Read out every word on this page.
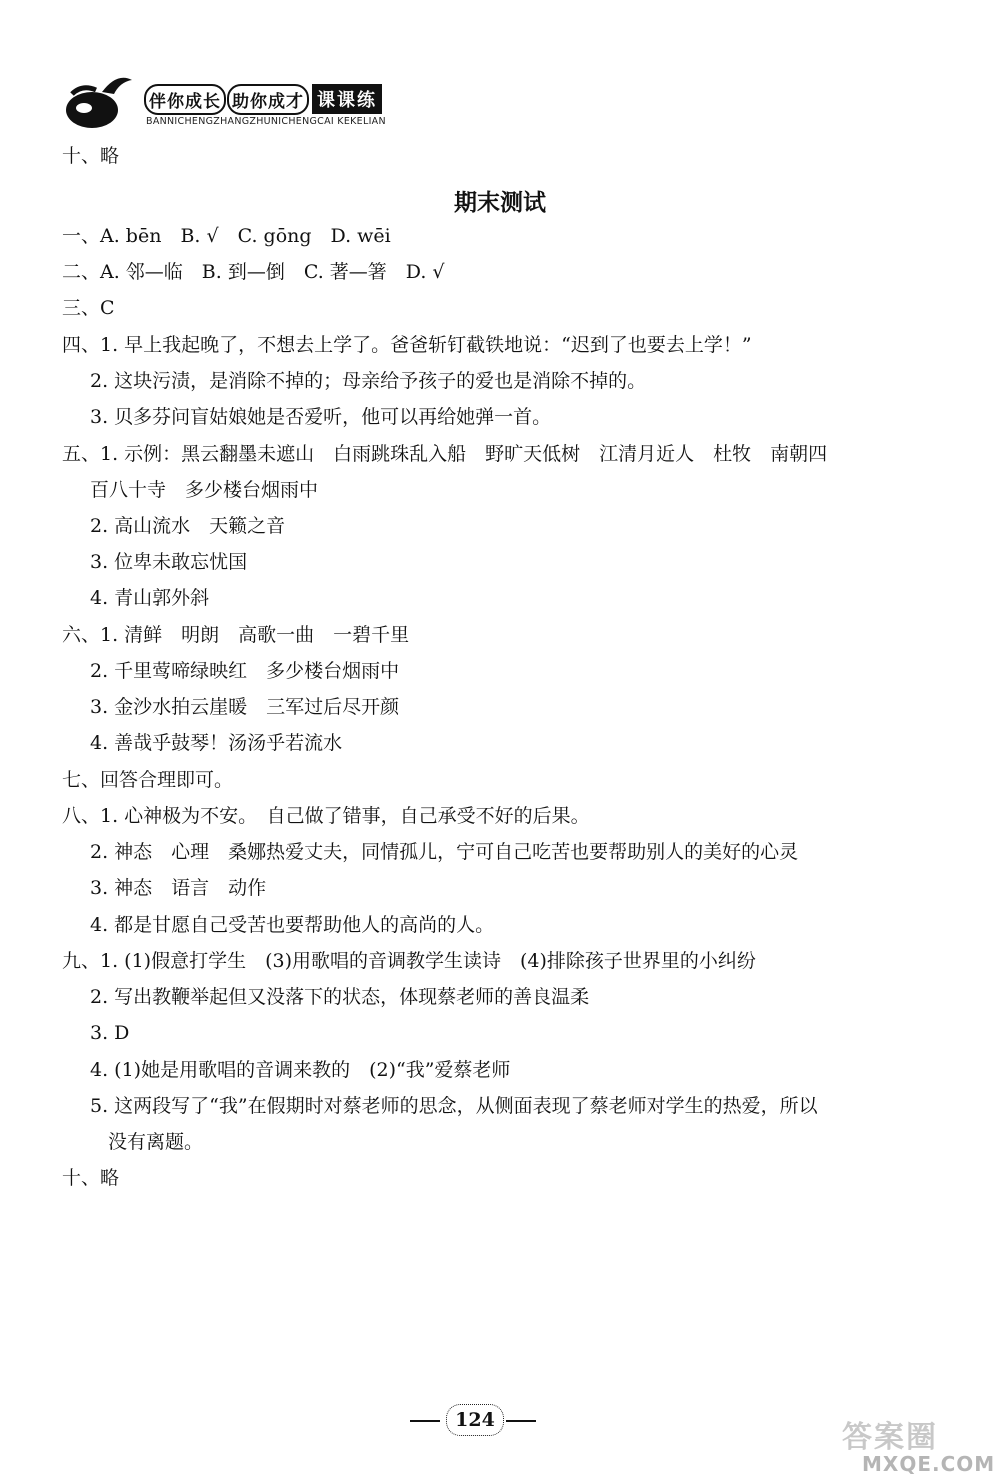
伴你成长 助你成才 课课练
BANNICHENGZHANGZHUNICHENGCAI KEKELIAN
十、略
期末测试
一、A. bēn　B. √　C. gōng　D. wēi
二、A. 邻—临　B. 到—倒　C. 著—箸　D. √
三、C
四、1. 早上我起晚了，不想去上学了。爸爸斩钉截铁地说：“迟到了也要去上学！”
2. 这块污渍，是消除不掉的；母亲给予孩子的爱也是消除不掉的。
3. 贝多芬问盲姑娘她是否爱听，他可以再给她弹一首。
五、1. 示例：黑云翻墨未遮山　白雨跳珠乱入船　野旷天低树　江清月近人　杜牧　南朝四
百八十寺　多少楼台烟雨中
2. 高山流水　天籁之音
3. 位卑未敢忘忧国
4. 青山郭外斜
六、1. 清鲜　明朗　高歌一曲　一碧千里
2. 千里莺啼绿映红　多少楼台烟雨中
3. 金沙水拍云崖暖　三军过后尽开颜
4. 善哉乎鼓琴！汤汤乎若流水
七、回答合理即可。
八、1. 心神极为不安。　自己做了错事，自己承受不好的后果。
2. 神态　心理　桑娜热爱丈夫，同情孤儿，宁可自己吃苦也要帮助别人的美好的心灵
3. 神态　语言　动作
4. 都是甘愿自己受苦也要帮助他人的高尚的人。
九、1. (1)假意打学生　(3)用歌唱的音调教学生读诗　(4)排除孩子世界里的小纠纷
2. 写出教鞭举起但又没落下的状态，体现蔡老师的善良温柔
3. D
4. (1)她是用歌唱的音调来教的　(2)“我”爱蔡老师
5. 这两段写了“我”在假期时对蔡老师的思念，从侧面表现了蔡老师对学生的热爱，所以
没有离题。
十、略
124	答案圈
MXQE.COM
